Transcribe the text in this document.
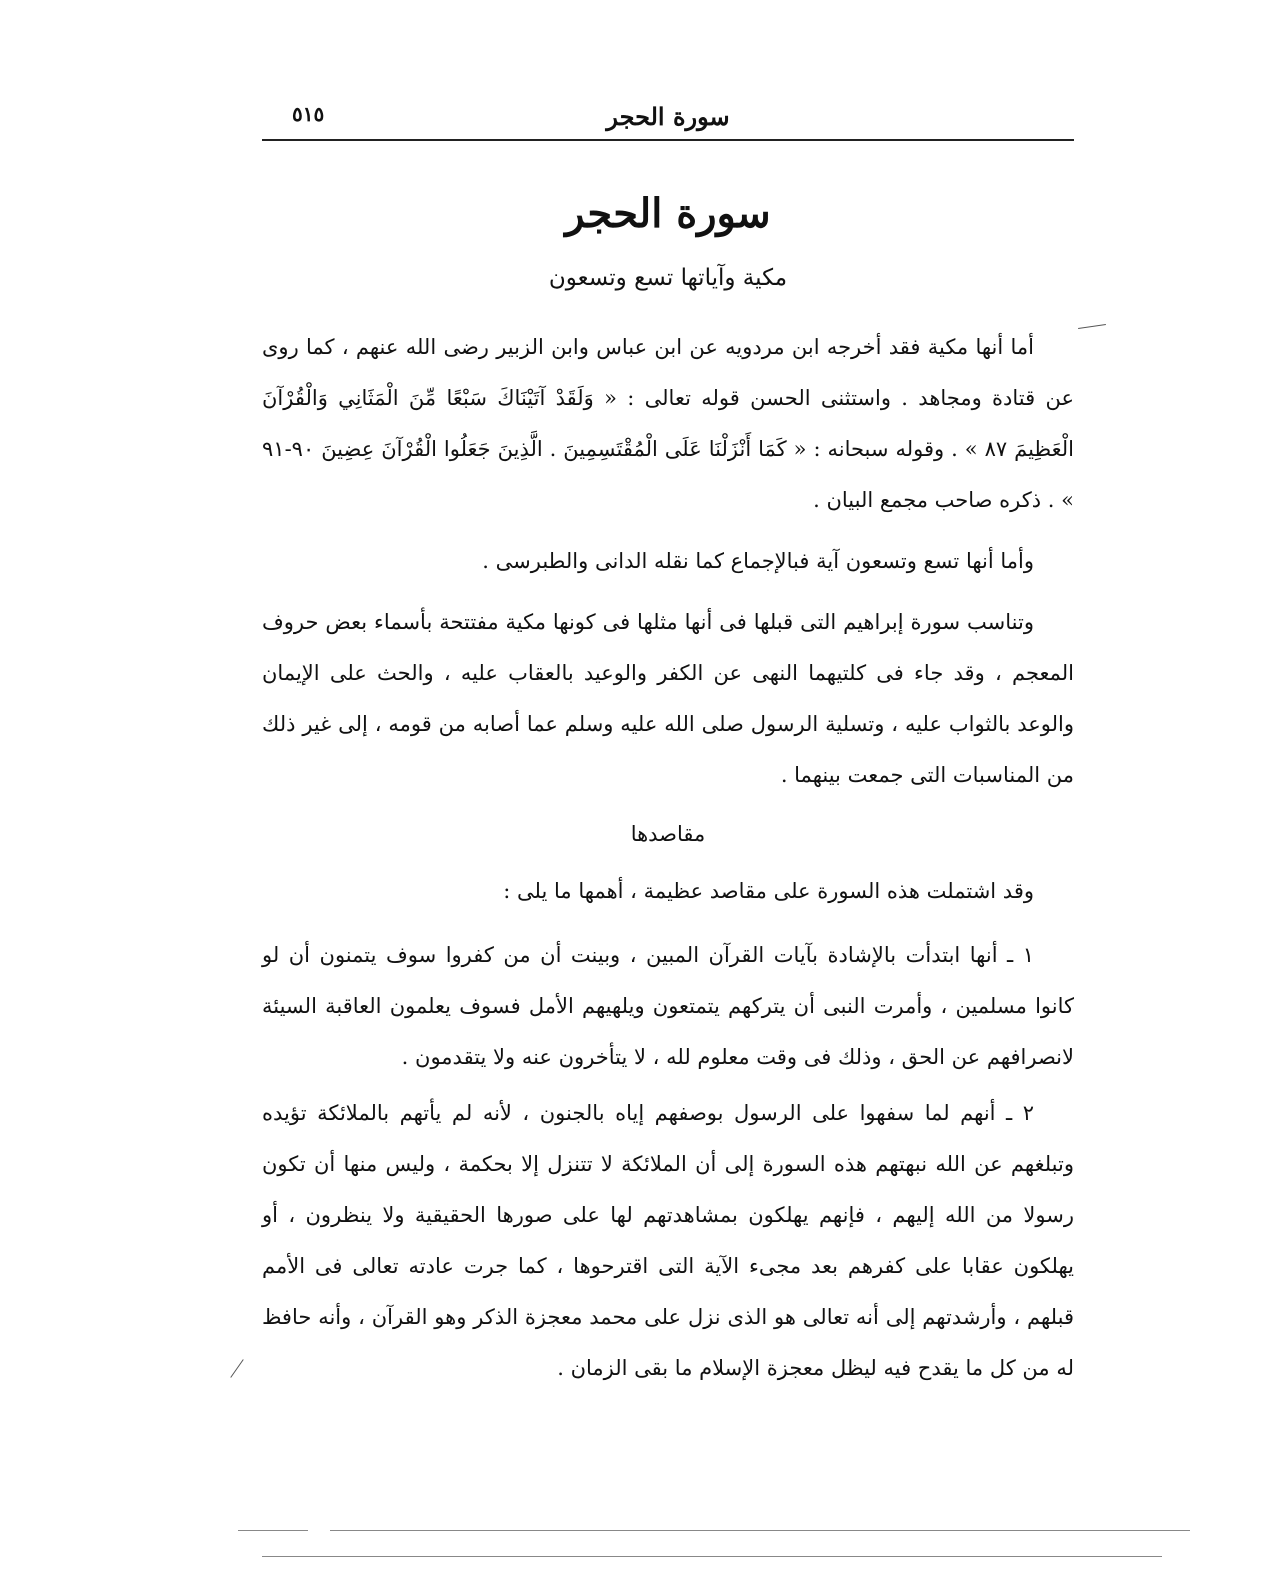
سورة الحجر
٥١٥
سورة الحجر
مكية وآياتها تسع وتسعون
أما أنها مكية فقد أخرجه ابن مردويه عن ابن عباس وابن الزبير رضى الله عنهم ، كما روى عن قتادة ومجاهد . واستثنى الحسن قوله تعالى : « وَلَقَدْ آتَيْنَاكَ سَبْعًا مِّنَ الْمَثَانِي وَالْقُرْآنَ الْعَظِيمَ ٨٧ » . وقوله سبحانه : « كَمَا أَنْزَلْنَا عَلَى الْمُقْتَسِمِينَ . الَّذِينَ جَعَلُوا الْقُرْآنَ عِضِينَ ٩٠-٩١ » . ذكره صاحب مجمع البيان .
وأما أنها تسع وتسعون آية فبالإجماع كما نقله الدانى والطبرسى .
وتناسب سورة إبراهيم التى قبلها فى أنها مثلها فى كونها مكية مفتتحة بأسماء بعض حروف المعجم ، وقد جاء فى كلتيهما النهى عن الكفر والوعيد بالعقاب عليه ، والحث على الإيمان والوعد بالثواب عليه ، وتسلية الرسول صلى الله عليه وسلم عما أصابه من قومه ، إلى غير ذلك من المناسبات التى جمعت بينهما .
مقاصدها
وقد اشتملت هذه السورة على مقاصد عظيمة ، أهمها ما يلى :
١ ـ أنها ابتدأت بالإشادة بآيات القرآن المبين ، وبينت أن من كفروا سوف يتمنون أن لو كانوا مسلمين ، وأمرت النبى أن يتركهم يتمتعون ويلهيهم الأمل فسوف يعلمون العاقبة السيئة لانصرافهم عن الحق ، وذلك فى وقت معلوم لله ، لا يتأخرون عنه ولا يتقدمون .
٢ ـ أنهم لما سفهوا على الرسول بوصفهم إياه بالجنون ، لأنه لم يأتهم بالملائكة تؤيده وتبلغهم عن الله نبهتهم هذه السورة إلى أن الملائكة لا تتنزل إلا بحكمة ، وليس منها أن تكون رسولا من الله إليهم ، فإنهم يهلكون بمشاهدتهم لها على صورها الحقيقية ولا ينظرون ، أو يهلكون عقابا على كفرهم بعد مجىء الآية التى اقترحوها ، كما جرت عادته تعالى فى الأمم قبلهم ، وأرشدتهم إلى أنه تعالى هو الذى نزل على محمد معجزة الذكر وهو القرآن ، وأنه حافظ له من كل ما يقدح فيه ليظل معجزة الإسلام ما بقى الزمان .
